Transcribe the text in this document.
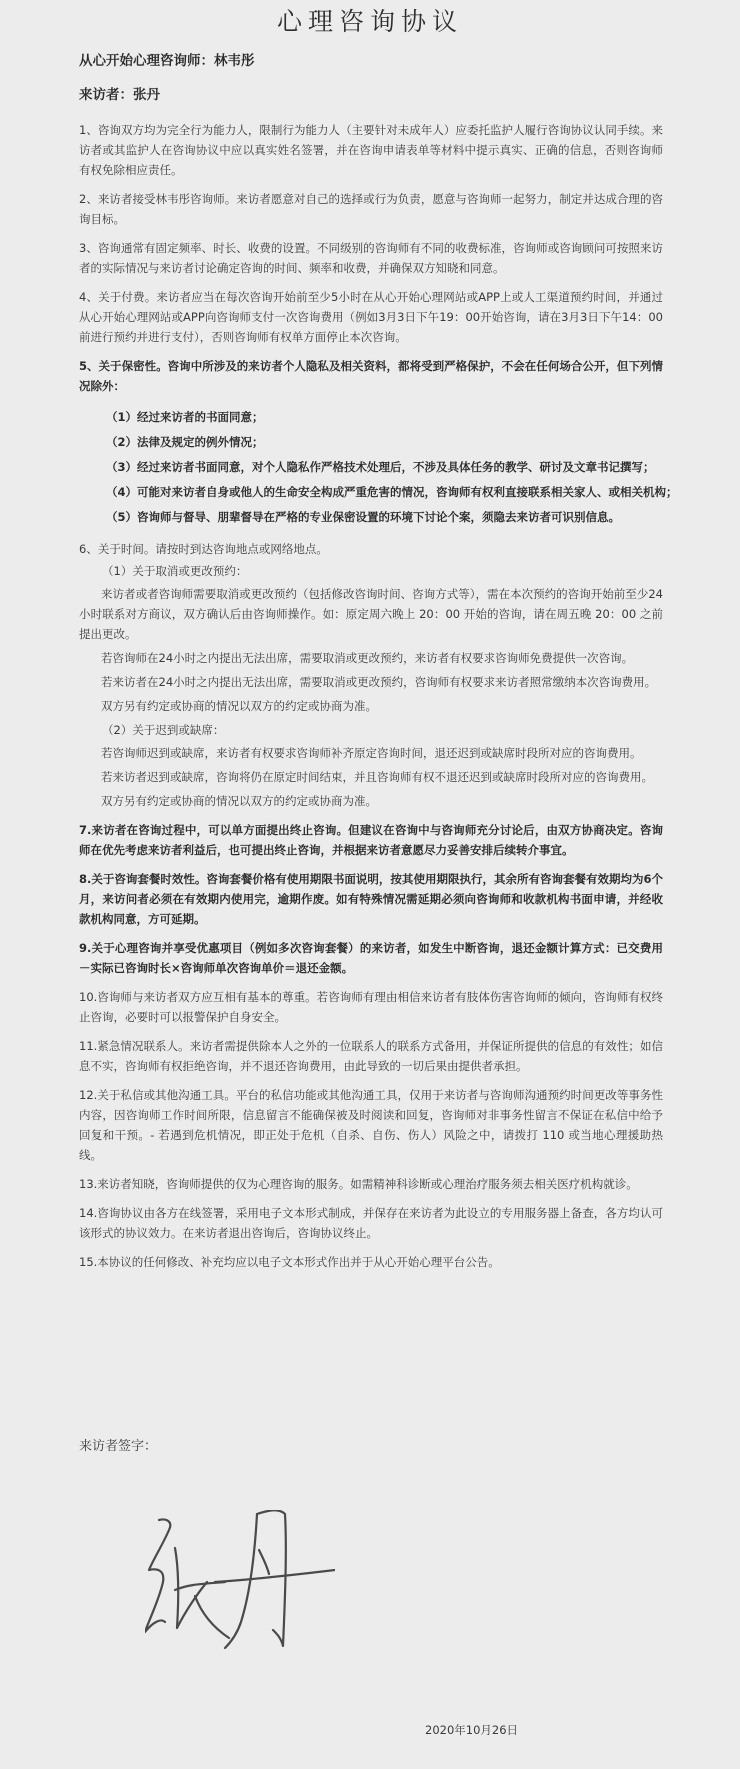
心理咨询协议
从心开始心理咨询师：林韦彤
来访者：张丹

1、咨询双方均为完全行为能力人，限制行为能力人（主要针对未成年人）应委托监护人履行咨询协议认同手续。来访者或其监护人在咨询协议中应以真实姓名签署，并在咨询申请表单等材料中提示真实、正确的信息，否则咨询师有权免除相应责任。

2、来访者接受林韦彤咨询师。来访者愿意对自己的选择或行为负责，愿意与咨询师一起努力，制定并达成合理的咨询目标。

3、咨询通常有固定频率、时长、收费的设置。不同级别的咨询师有不同的收费标准，咨询师或咨询顾问可按照来访者的实际情况与来访者讨论确定咨询的时间、频率和收费，并确保双方知晓和同意。

4、关于付费。来访者应当在每次咨询开始前至少5小时在从心开始心理网站或APP上或人工渠道预约时间，并通过从心开始心理网站或APP向咨询师支付一次咨询费用（例如3月3日下午19：00开始咨询，请在3月3日下午14：00前进行预约并进行支付），否则咨询师有权单方面停止本次咨询。

5、关于保密性。咨询中所涉及的来访者个人隐私及相关资料，都将受到严格保护，不会在任何场合公开，但下列情况除外：

（1）经过来访者的书面同意；
（2）法律及规定的例外情况；
（3）经过来访者书面同意，对个人隐私作严格技术处理后，不涉及具体任务的教学、研讨及文章书记撰写；
（4）可能对来访者自身或他人的生命安全构成严重危害的情况，咨询师有权利直接联系相关家人、或相关机构；
（5）咨询师与督导、朋辈督导在严格的专业保密设置的环境下讨论个案，须隐去来访者可识别信息。

6、关于时间。请按时到达咨询地点或网络地点。

（1）关于取消或更改预约：

来访者或者咨询师需要取消或更改预约（包括修改咨询时间、咨询方式等），需在本次预约的咨询开始前至少24小时联系对方商议，双方确认后由咨询师操作。如：原定周六晚上 20：00 开始的咨询，请在周五晚 20：00 之前提出更改。

若咨询师在24小时之内提出无法出席，需要取消或更改预约，来访者有权要求咨询师免费提供一次咨询。

若来访者在24小时之内提出无法出席，需要取消或更改预约，咨询师有权要求来访者照常缴纳本次咨询费用。

双方另有约定或协商的情况以双方的约定或协商为准。

（2）关于迟到或缺席：

若咨询师迟到或缺席，来访者有权要求咨询师补齐原定咨询时间，退还迟到或缺席时段所对应的咨询费用。

若来访者迟到或缺席，咨询将仍在原定时间结束，并且咨询师有权不退还迟到或缺席时段所对应的咨询费用。

双方另有约定或协商的情况以双方的约定或协商为准。

7.来访者在咨询过程中，可以单方面提出终止咨询。但建议在咨询中与咨询师充分讨论后，由双方协商决定。咨询师在优先考虑来访者利益后，也可提出终止咨询，并根据来访者意愿尽力妥善安排后续转介事宜。

8.关于咨询套餐时效性。咨询套餐价格有使用期限书面说明，按其使用期限执行，其余所有咨询套餐有效期均为6个月，来访问者必须在有效期内使用完，逾期作废。如有特殊情况需延期必须向咨询师和收款机构书面申请，并经收款机构同意，方可延期。

9.关于心理咨询并享受优惠项目（例如多次咨询套餐）的来访者，如发生中断咨询，退还金额计算方式：已交费用－实际已咨询时长×咨询师单次咨询单价＝退还金额。

10.咨询师与来访者双方应互相有基本的尊重。若咨询师有理由相信来访者有肢体伤害咨询师的倾向，咨询师有权终止咨询，必要时可以报警保护自身安全。

11.紧急情况联系人。来访者需提供除本人之外的一位联系人的联系方式备用，并保证所提供的信息的有效性；如信息不实，咨询师有权拒绝咨询，并不退还咨询费用，由此导致的一切后果由提供者承担。

12.关于私信或其他沟通工具。平台的私信功能或其他沟通工具，仅用于来访者与咨询师沟通预约时间更改等事务性内容，因咨询师工作时间所限，信息留言不能确保被及时阅读和回复，咨询师对非事务性留言不保证在私信中给予回复和干预。- 若遇到危机情况，即正处于危机（自杀、自伤、伤人）风险之中，请拨打 110 或当地心理援助热线。

13.来访者知晓，咨询师提供的仅为心理咨询的服务。如需精神科诊断或心理治疗服务须去相关医疗机构就诊。

14.咨询协议由各方在线签署，采用电子文本形式制成，并保存在来访者为此设立的专用服务器上备查，各方均认可该形式的协议效力。在来访者退出咨询后，咨询协议终止。

15.本协议的任何修改、补充均应以电子文本形式作出并于从心开始心理平台公告。

来访者签字：
2020年10月26日
